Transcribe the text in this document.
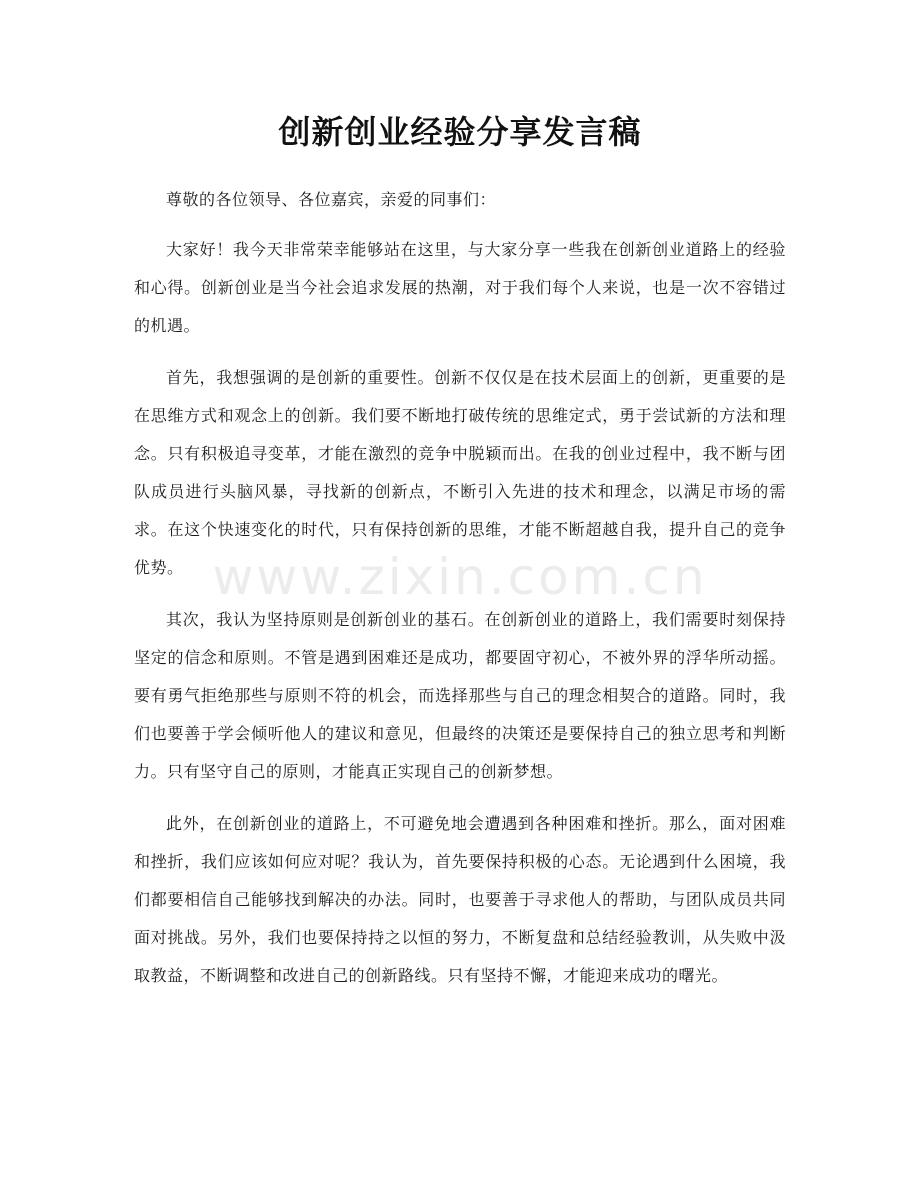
创新创业经验分享发言稿

尊敬的各位领导、各位嘉宾，亲爱的同事们：

大家好！我今天非常荣幸能够站在这里，与大家分享一些我在创新创业道路上的经验和心得。创新创业是当今社会追求发展的热潮，对于我们每个人来说，也是一次不容错过的机遇。

首先，我想强调的是创新的重要性。创新不仅仅是在技术层面上的创新，更重要的是在思维方式和观念上的创新。我们要不断地打破传统的思维定式，勇于尝试新的方法和理念。只有积极追寻变革，才能在激烈的竞争中脱颖而出。在我的创业过程中，我不断与团队成员进行头脑风暴，寻找新的创新点，不断引入先进的技术和理念，以满足市场的需求。在这个快速变化的时代，只有保持创新的思维，才能不断超越自我，提升自己的竞争优势。

其次，我认为坚持原则是创新创业的基石。在创新创业的道路上，我们需要时刻保持坚定的信念和原则。不管是遇到困难还是成功，都要固守初心，不被外界的浮华所动摇。要有勇气拒绝那些与原则不符的机会，而选择那些与自己的理念相契合的道路。同时，我们也要善于学会倾听他人的建议和意见，但最终的决策还是要保持自己的独立思考和判断力。只有坚守自己的原则，才能真正实现自己的创新梦想。

此外，在创新创业的道路上，不可避免地会遭遇到各种困难和挫折。那么，面对困难和挫折，我们应该如何应对呢？我认为，首先要保持积极的心态。无论遇到什么困境，我们都要相信自己能够找到解决的办法。同时，也要善于寻求他人的帮助，与团队成员共同面对挑战。另外，我们也要保持持之以恒的努力，不断复盘和总结经验教训，从失败中汲取教益，不断调整和改进自己的创新路线。只有坚持不懈，才能迎来成功的曙光。

www.zixin.com.cn
